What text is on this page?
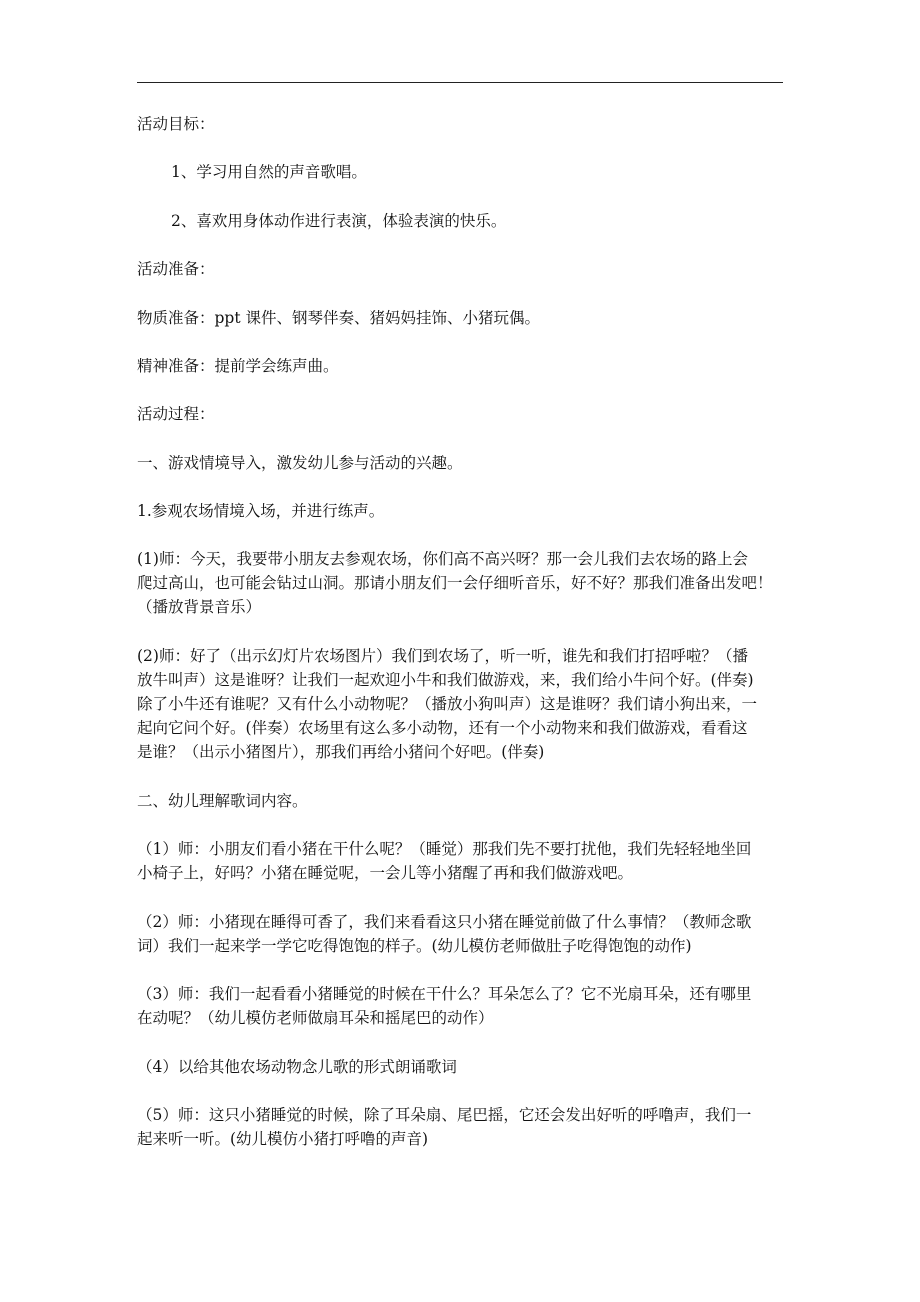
活动目标：
1、学习用自然的声音歌唱。
2、喜欢用身体动作进行表演，体验表演的快乐。
活动准备：
物质准备：ppt 课件、钢琴伴奏、猪妈妈挂饰、小猪玩偶。
精神准备：提前学会练声曲。
活动过程：
一、游戏情境导入，激发幼儿参与活动的兴趣。
1.参观农场情境入场，并进行练声。
(1)师：今天，我要带小朋友去参观农场，你们高不高兴呀？那一会儿我们去农场的路上会
爬过高山，也可能会钻过山洞。那请小朋友们一会仔细听音乐，好不好？那我们准备出发吧！
（播放背景音乐）
(2)师：好了（出示幻灯片农场图片）我们到农场了，听一听，谁先和我们打招呼啦？（播
放牛叫声）这是谁呀？让我们一起欢迎小牛和我们做游戏，来，我们给小牛问个好。(伴奏)
除了小牛还有谁呢？又有什么小动物呢？（播放小狗叫声）这是谁呀？我们请小狗出来，一
起向它问个好。(伴奏）农场里有这么多小动物，还有一个小动物来和我们做游戏，看看这
是谁？（出示小猪图片），那我们再给小猪问个好吧。(伴奏)
二、幼儿理解歌词内容。
（1）师：小朋友们看小猪在干什么呢？（睡觉）那我们先不要打扰他，我们先轻轻地坐回
小椅子上，好吗？小猪在睡觉呢，一会儿等小猪醒了再和我们做游戏吧。
（2）师：小猪现在睡得可香了，我们来看看这只小猪在睡觉前做了什么事情？（教师念歌
词）我们一起来学一学它吃得饱饱的样子。(幼儿模仿老师做肚子吃得饱饱的动作)
（3）师：我们一起看看小猪睡觉的时候在干什么？耳朵怎么了？它不光扇耳朵，还有哪里
在动呢？（幼儿模仿老师做扇耳朵和摇尾巴的动作）
（4）以给其他农场动物念儿歌的形式朗诵歌词
（5）师：这只小猪睡觉的时候，除了耳朵扇、尾巴摇，它还会发出好听的呼噜声，我们一
起来听一听。(幼儿模仿小猪打呼噜的声音)
